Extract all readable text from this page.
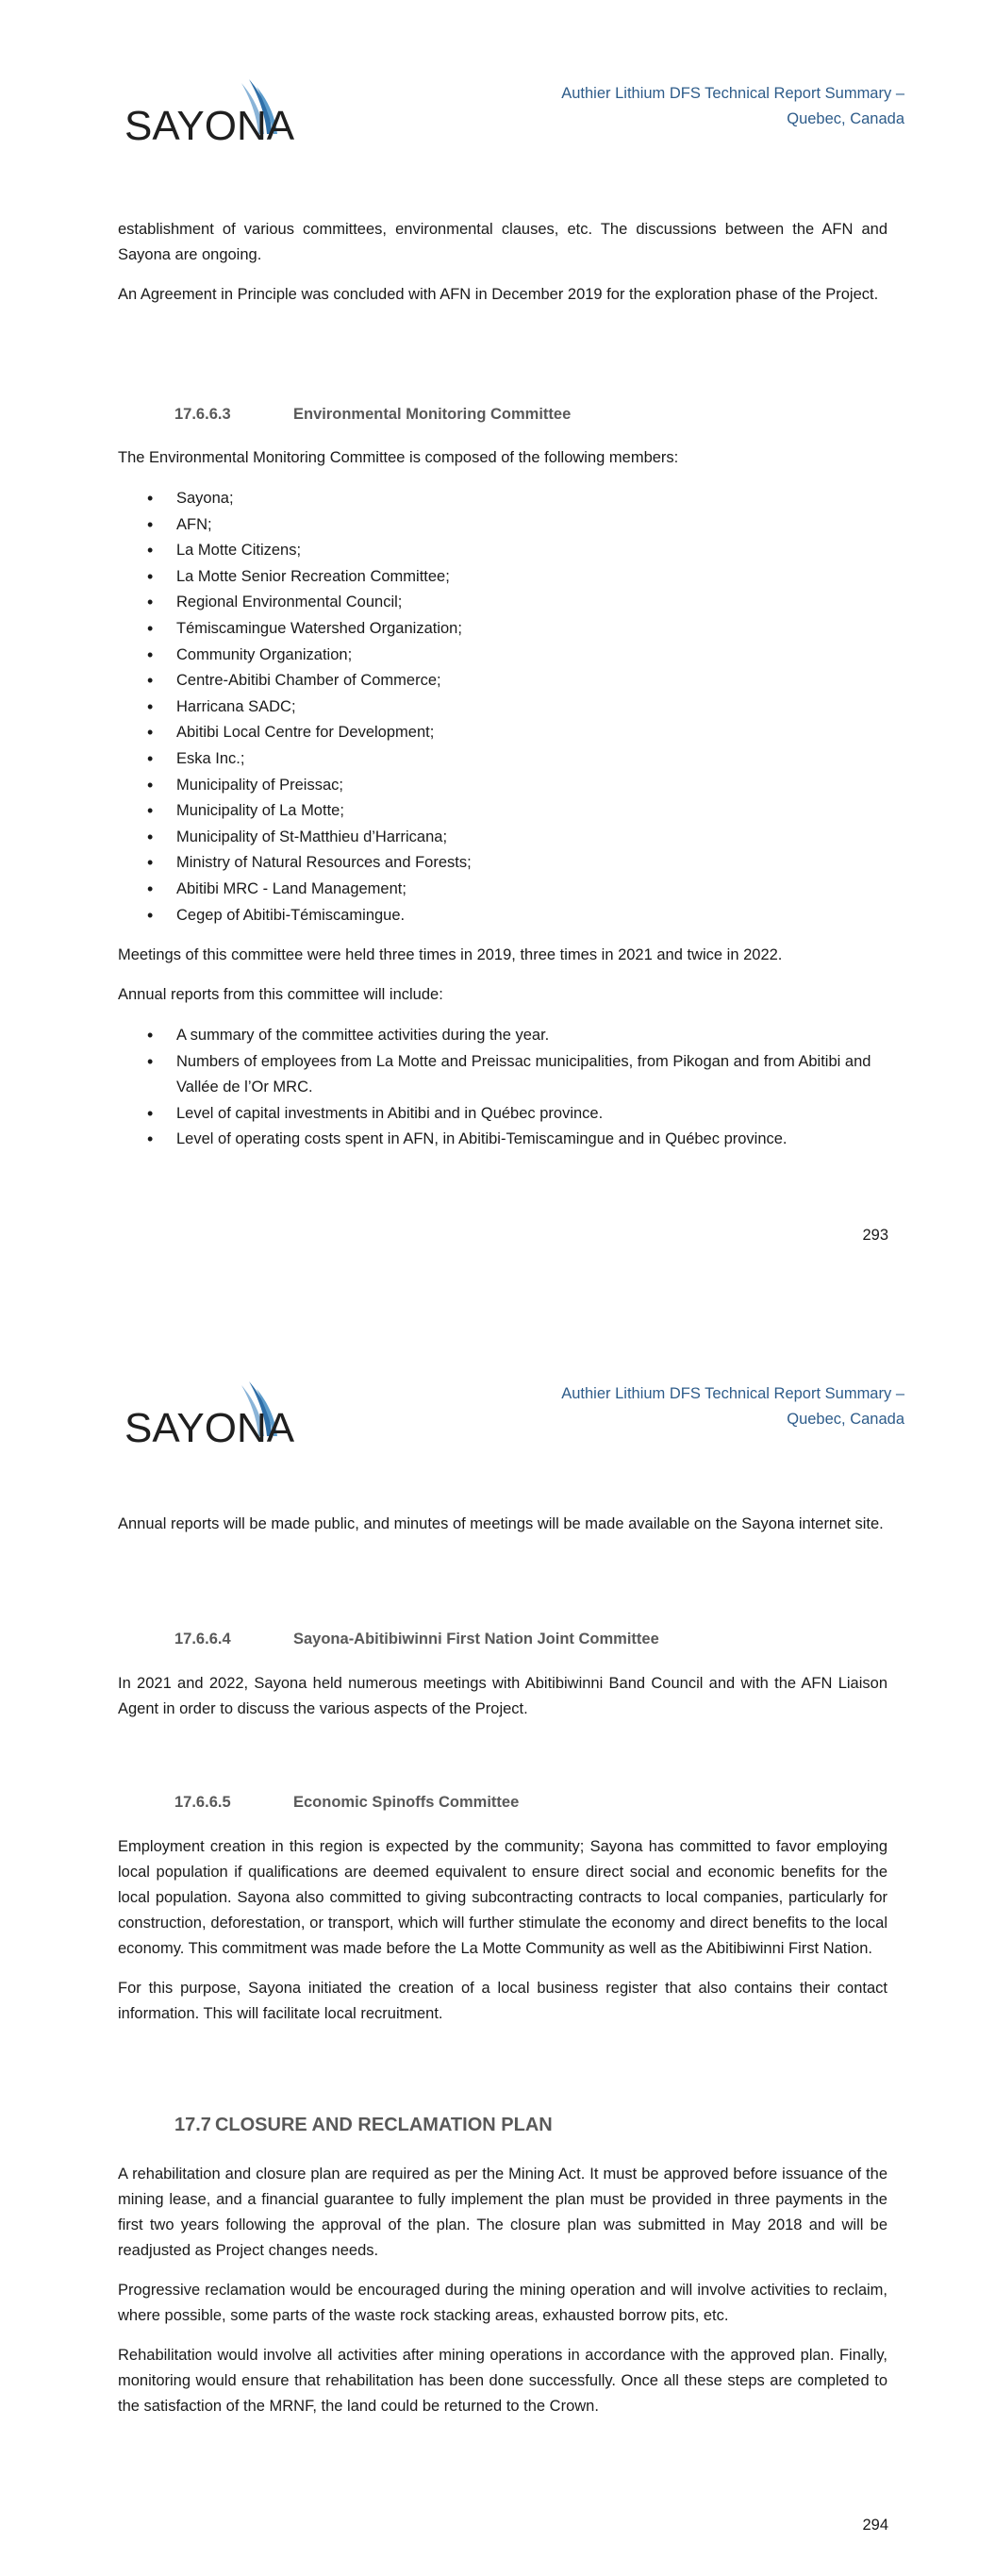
SAYONA
Authier Lithium DFS Technical Report Summary –
Quebec, Canada

establishment of various committees, environmental clauses, etc. The discussions between the AFN and Sayona are ongoing.

An Agreement in Principle was concluded with AFN in December 2019 for the exploration phase of the Project.

17.6.6.3	Environmental Monitoring Committee

The Environmental Monitoring Committee is composed of the following members:

• Sayona;
• AFN;
• La Motte Citizens;
• La Motte Senior Recreation Committee;
• Regional Environmental Council;
• Témiscamingue Watershed Organization;
• Community Organization;
• Centre-Abitibi Chamber of Commerce;
• Harricana SADC;
• Abitibi Local Centre for Development;
• Eska Inc.;
• Municipality of Preissac;
• Municipality of La Motte;
• Municipality of St-Matthieu d’Harricana;
• Ministry of Natural Resources and Forests;
• Abitibi MRC - Land Management;
• Cegep of Abitibi-Témiscamingue.

Meetings of this committee were held three times in 2019, three times in 2021 and twice in 2022.

Annual reports from this committee will include:

• A summary of the committee activities during the year.
• Numbers of employees from La Motte and Preissac municipalities, from Pikogan and from Abitibi and Vallée de l’Or MRC.
• Level of capital investments in Abitibi and in Québec province.
• Level of operating costs spent in AFN, in Abitibi-Temiscamingue and in Québec province.
293
SAYONA
Authier Lithium DFS Technical Report Summary –
Quebec, Canada

Annual reports will be made public, and minutes of meetings will be made available on the Sayona internet site.

17.6.6.4	Sayona-Abitibiwinni First Nation Joint Committee

In 2021 and 2022, Sayona held numerous meetings with Abitibiwinni Band Council and with the AFN Liaison Agent in order to discuss the various aspects of the Project.

17.6.6.5	Economic Spinoffs Committee

Employment creation in this region is expected by the community; Sayona has committed to favor employing local population if qualifications are deemed equivalent to ensure direct social and economic benefits for the local population. Sayona also committed to giving subcontracting contracts to local companies, particularly for construction, deforestation, or transport, which will further stimulate the economy and direct benefits to the local economy. This commitment was made before the La Motte Community as well as the Abitibiwinni First Nation.

For this purpose, Sayona initiated the creation of a local business register that also contains their contact information. This will facilitate local recruitment.

17.7 CLOSURE AND RECLAMATION PLAN

A rehabilitation and closure plan are required as per the Mining Act. It must be approved before issuance of the mining lease, and a financial guarantee to fully implement the plan must be provided in three payments in the first two years following the approval of the plan. The closure plan was submitted in May 2018 and will be readjusted as Project changes needs.

Progressive reclamation would be encouraged during the mining operation and will involve activities to reclaim, where possible, some parts of the waste rock stacking areas, exhausted borrow pits, etc.

Rehabilitation would involve all activities after mining operations in accordance with the approved plan. Finally, monitoring would ensure that rehabilitation has been done successfully. Once all these steps are completed to the satisfaction of the MRNF, the land could be returned to the Crown.

294
